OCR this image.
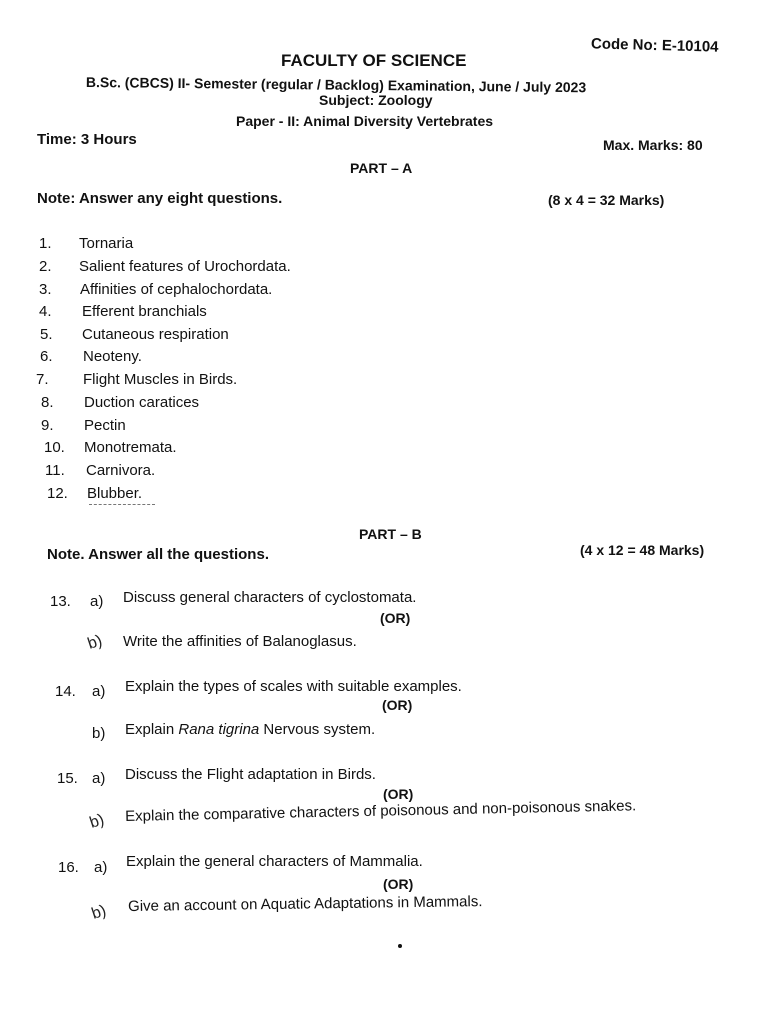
Code No: E-10104
FACULTY OF SCIENCE
B.Sc. (CBCS) II- Semester (regular / Backlog) Examination, June / July 2023
Subject: Zoology
Paper - II: Animal Diversity Vertebrates
Time: 3 Hours	Max. Marks: 80
PART – A
Note: Answer any eight questions.	(8 x 4 = 32 Marks)
1. Tornaria
2. Salient features of Urochordata.
3. Affinities of cephalochordata.
4. Efferent branchials
5. Cutaneous respiration
6. Neoteny.
7. Flight Muscles in Birds.
8. Duction caratices
9. Pectin
10. Monotremata.
11. Carnivora.
12. Blubber.
PART – B
Note. Answer all the questions.	(4 x 12 = 48 Marks)
13. a) Discuss general characters of cyclostomata.
(OR)
b) Write the affinities of Balanoglasus.
14. a) Explain the types of scales with suitable examples.
(OR)
b) Explain Rana tigrina Nervous system.
15. a) Discuss the Flight adaptation in Birds.
(OR)
b) Explain the comparative characters of poisonous and non-poisonous snakes.
16. a) Explain the general characters of Mammalia.
(OR)
b) Give an account on Aquatic Adaptations in Mammals.
